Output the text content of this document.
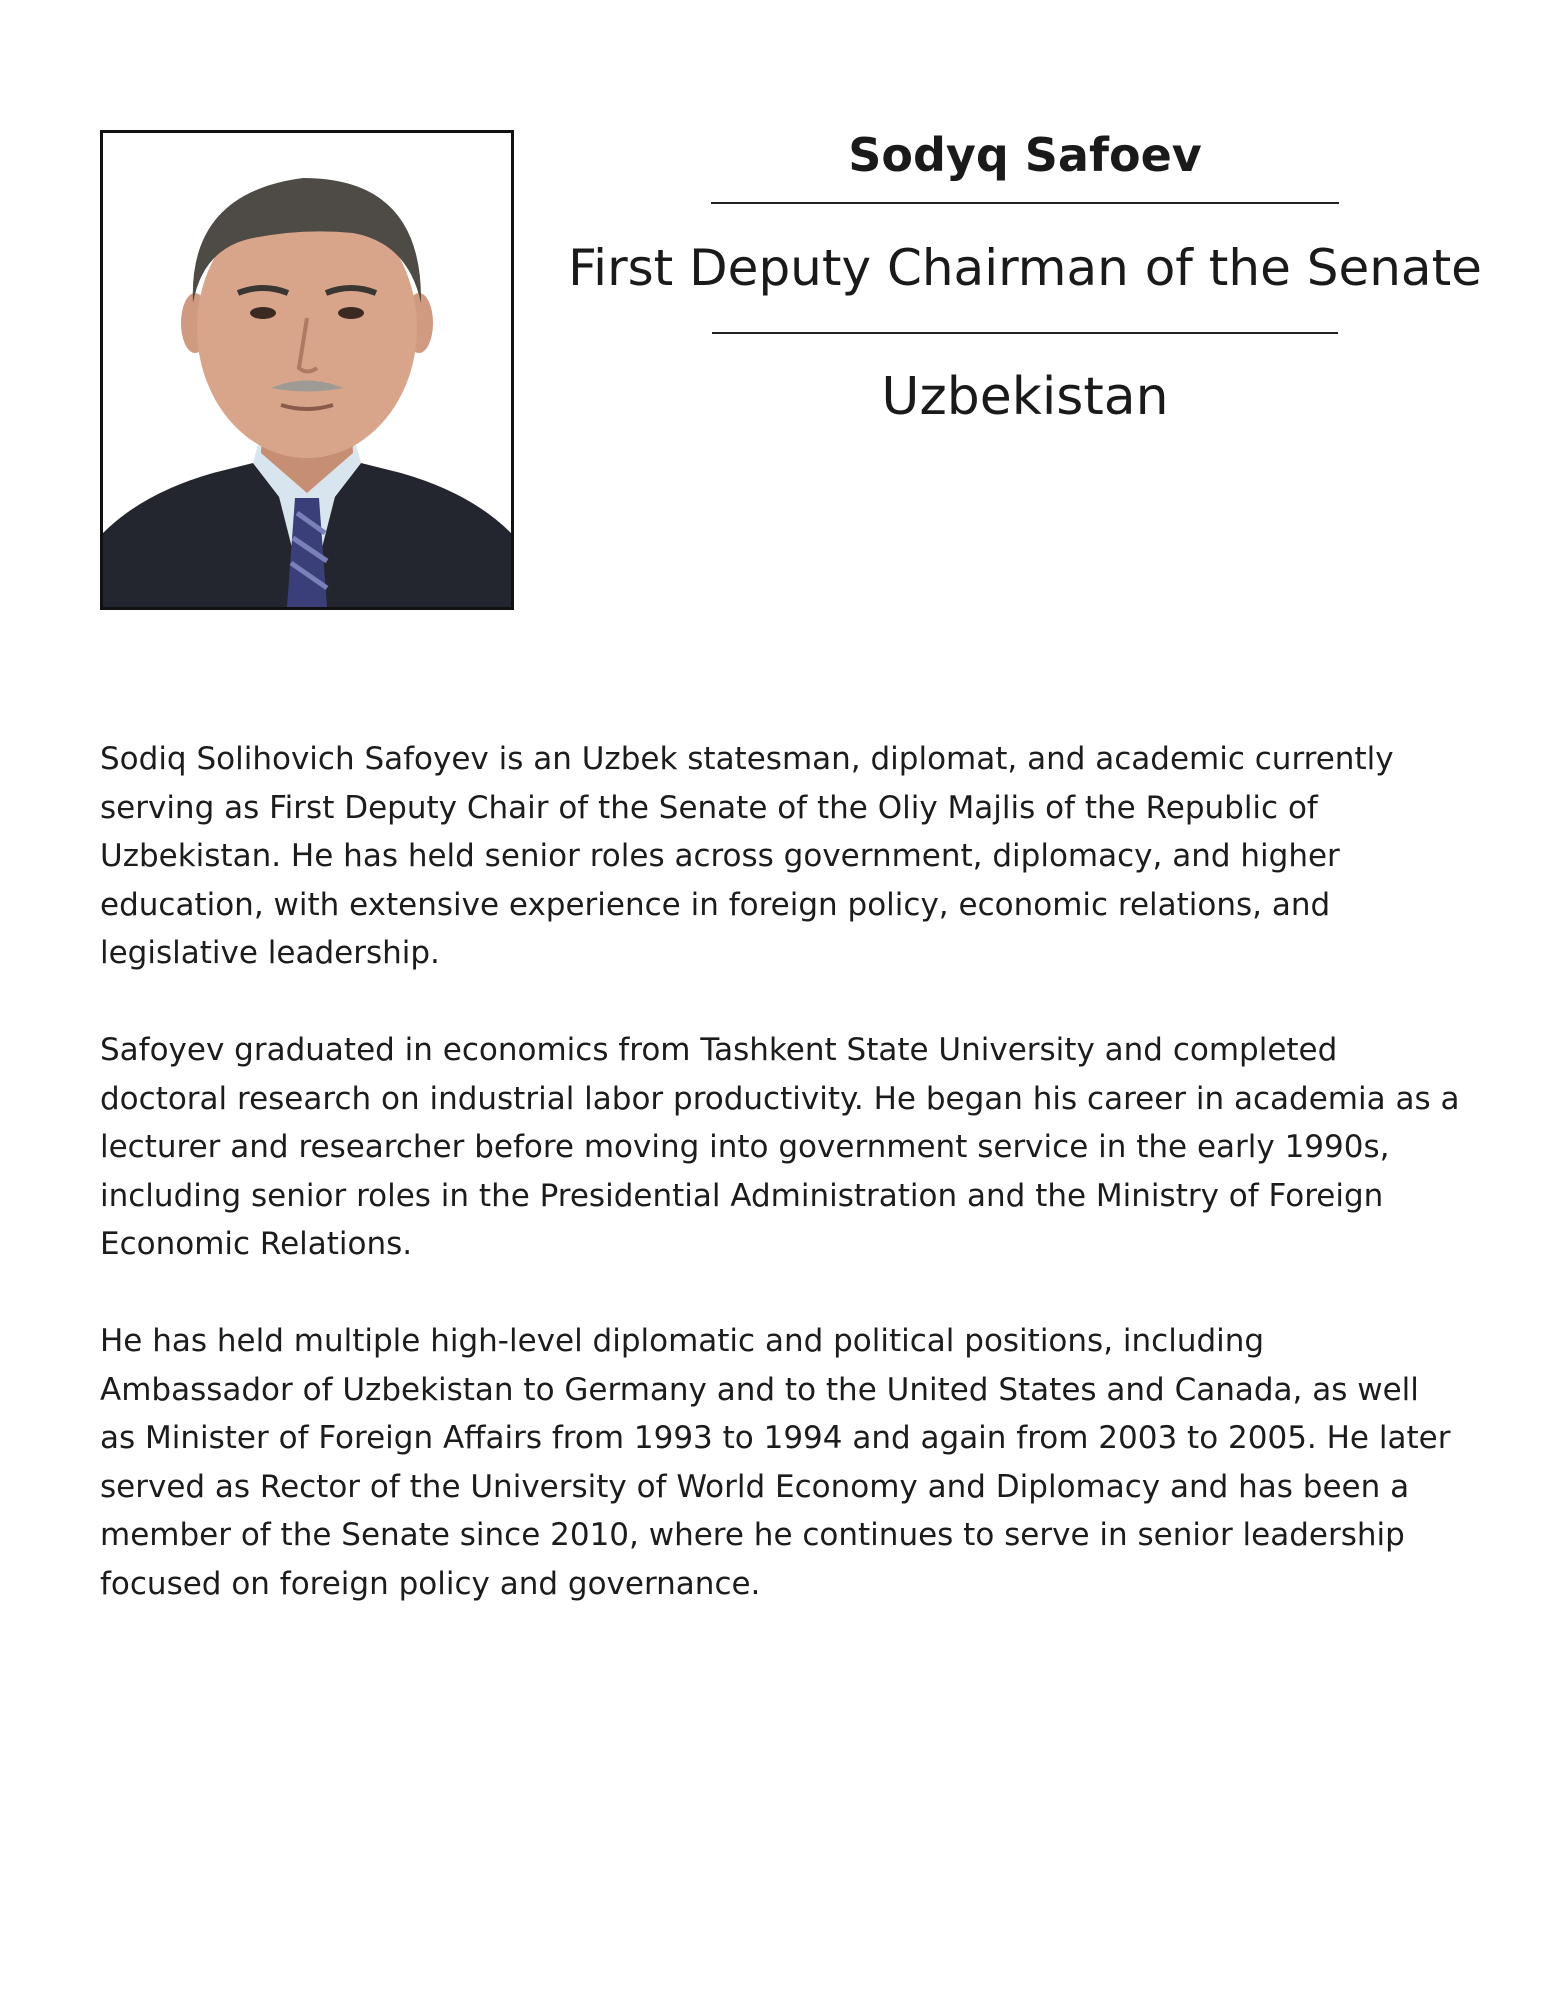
Sodyq Safoev
First Deputy Chairman of the Senate
Uzbekistan

Sodiq Solihovich Safoyev is an Uzbek statesman, diplomat, and academic currently serving as First Deputy Chair of the Senate of the Oliy Majlis of the Republic of Uzbekistan. He has held senior roles across government, diplomacy, and higher education, with extensive experience in foreign policy, economic relations, and legislative leadership.

Safoyev graduated in economics from Tashkent State University and completed doctoral research on industrial labor productivity. He began his career in academia as a lecturer and researcher before moving into government service in the early 1990s, including senior roles in the Presidential Administration and the Ministry of Foreign Economic Relations.

He has held multiple high-level diplomatic and political positions, including Ambassador of Uzbekistan to Germany and to the United States and Canada, as well as Minister of Foreign Affairs from 1993 to 1994 and again from 2003 to 2005. He later served as Rector of the University of World Economy and Diplomacy and has been a member of the Senate since 2010, where he continues to serve in senior leadership focused on foreign policy and governance.
